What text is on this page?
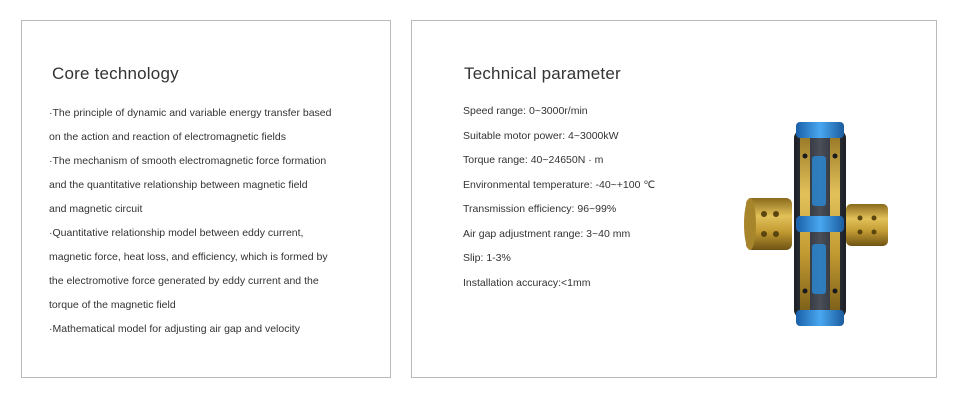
Core technology
·The principle of dynamic and variable energy transfer based
on the action and reaction of electromagnetic fields
·The mechanism of smooth electromagnetic force formation
and the quantitative relationship between magnetic field
and magnetic circuit
·Quantitative relationship model between eddy current,
magnetic force, heat loss, and efficiency, which is formed by
the electromotive force generated by eddy current and the
torque of the magnetic field
·Mathematical model for adjusting air gap and velocity
Technical parameter
Speed range: 0~3000r/min
Suitable motor power: 4~3000kW
Torque range: 40~24650N · m
Environmental temperature: -40~+100 ℃
Transmission efficiency: 96~99%
Air gap adjustment range: 3~40 mm
Slip: 1-3%
Installation accuracy:<1mm
